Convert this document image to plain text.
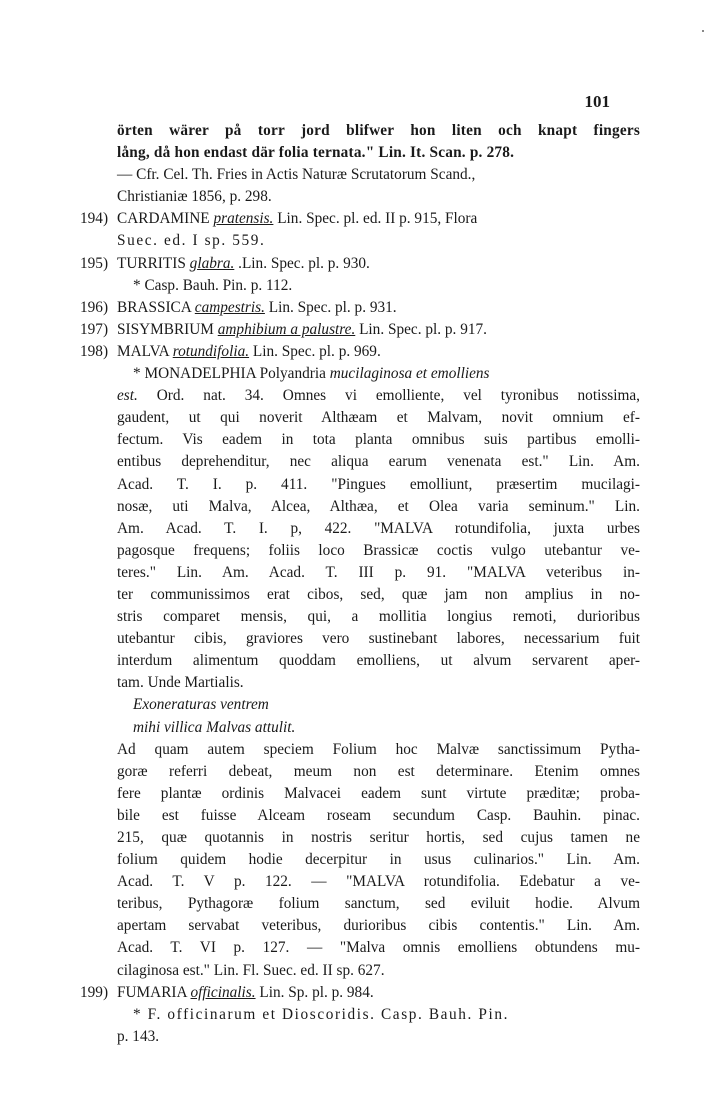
101
örten wärer på torr jord blifwer hon liten och knapt fingers
lång, då hon endast där folia ternata." Lin. It. Scan. p. 278.
— Cfr. Cel. Th. Fries in Actis Naturæ Scrutatorum Scand.,
Christianiæ 1856, p. 298.
194) CARDAMINE pratensis. Lin. Spec. pl. ed. II p. 915, Flora
Suec. ed. I sp. 559.
195) TURRITIS glabra. .Lin. Spec. pl. p. 930.
* Casp. Bauh. Pin. p. 112.
196) BRASSICA campestris. Lin. Spec. pl. p. 931.
197) SISYMBRIUM amphibium a palustre. Lin. Spec. pl. p. 917.
198) MALVA rotundifolia. Lin. Spec. pl. p. 969.
* MONADELPHIA Polyandria mucilaginosa et emolliens
est. Ord. nat. 34. Omnes vi emolliente, vel tyronibus notissima,
gaudent, ut qui noverit Althæam et Malvam, novit omnium ef-
fectum. Vis eadem in tota planta omnibus suis partibus emolli-
entibus deprehenditur, nec aliqua earum venenata est." Lin. Am.
Acad. T. I. p. 411. "Pingues emolliunt, præsertim mucilagi-
nosæ, uti Malva, Alcea, Althæa, et Olea varia seminum." Lin.
Am. Acad. T. I. p, 422. "MALVA rotundifolia, juxta urbes
pagosque frequens; foliis loco Brassicæ coctis vulgo utebantur ve-
teres." Lin. Am. Acad. T. III p. 91. "MALVA veteribus in-
ter communissimos erat cibos, sed, quæ jam non amplius in no-
stris comparet mensis, qui, a mollitia longius remoti, durioribus
utebantur cibis, graviores vero sustinebant labores, necessarium fuit
interdum alimentum quoddam emolliens, ut alvum servarent aper-
tam. Unde Martialis.
Exoneraturas ventrem
mihi villica Malvas attulit.
Ad quam autem speciem Folium hoc Malvæ sanctissimum Pytha-
goræ referri debeat, meum non est determinare. Etenim omnes
fere plantæ ordinis Malvacei eadem sunt virtute præditæ; proba-
bile est fuisse Alceam roseam secundum Casp. Bauhin. pinac.
215, quæ quotannis in nostris seritur hortis, sed cujus tamen ne
folium quidem hodie decerpitur in usus culinarios." Lin. Am.
Acad. T. V p. 122. — "MALVA rotundifolia. Edebatur a ve-
teribus, Pythagoræ folium sanctum, sed eviluit hodie. Alvum
apertam servabat veteribus, durioribus cibis contentis." Lin. Am.
Acad. T. VI p. 127. — "Malva omnis emolliens obtundens mu-
cilaginosa est." Lin. Fl. Suec. ed. II sp. 627.
199) FUMARIA officinalis. Lin. Sp. pl. p. 984.
* F. officinarum et Dioscoridis. Casp. Bauh. Pin.
p. 143.
